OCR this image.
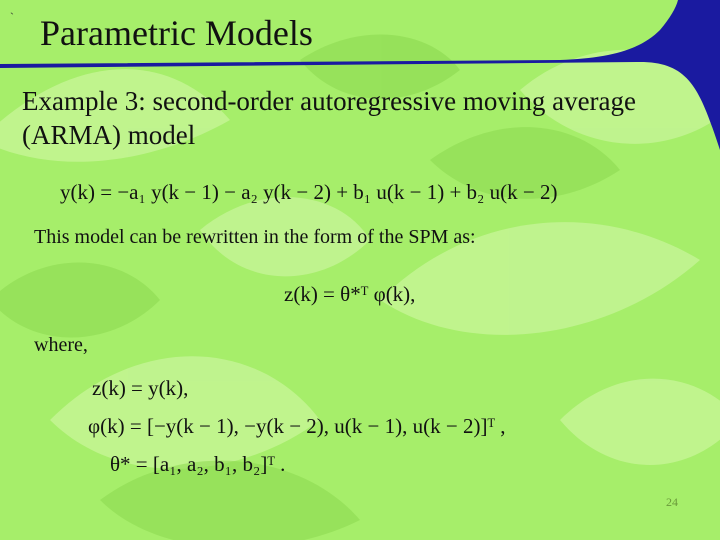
` Parametric Models
Example 3: second-order autoregressive moving average (ARMA) model
y(k) = −a₁ y(k − 1) − a₂ y(k − 2) + b₁ u(k − 1) + b₂ u(k − 2)
This model can be rewritten in the form of the SPM as:
z(k) = θ*ᵀ φ(k),
where,
z(k) = y(k),
φ(k) = [−y(k − 1), −y(k − 2), u(k − 1), u(k − 2)]ᵀ ,
θ* = [a₁, a₂, b₁, b₂]ᵀ .
24
